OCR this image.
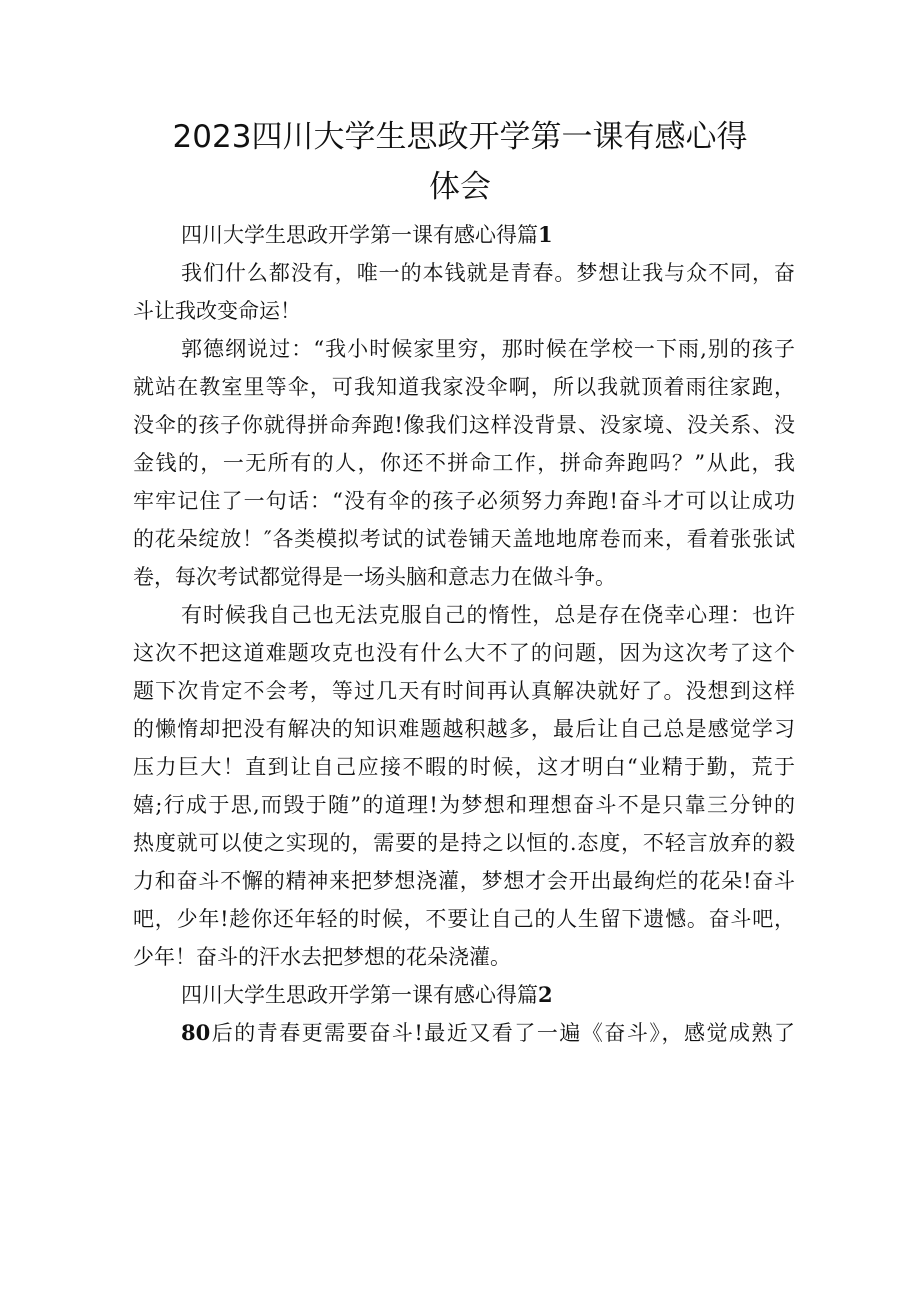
2023四川大学生思政开学第一课有感心得
体会
四川大学生思政开学第一课有感心得篇1
我们什么都没有，唯一的本钱就是青春。梦想让我与众不同，奋
斗让我改变命运！
郭德纲说过：“我小时候家里穷，那时候在学校一下雨,别的孩子
就站在教室里等伞，可我知道我家没伞啊，所以我就顶着雨往家跑，
没伞的孩子你就得拼命奔跑!像我们这样没背景、没家境、没关系、没
金钱的，一无所有的人，你还不拼命工作，拼命奔跑吗？”从此，我
牢牢记住了一句话：“没有伞的孩子必须努力奔跑!奋斗才可以让成功
的花朵绽放！″各类模拟考试的试卷铺天盖地地席卷而来，看着张张试
卷，每次考试都觉得是一场头脑和意志力在做斗争。
有时候我自己也无法克服自己的惰性，总是存在侥幸心理：也许
这次不把这道难题攻克也没有什么大不了的问题，因为这次考了这个
题下次肯定不会考，等过几天有时间再认真解决就好了。没想到这样
的懒惰却把没有解决的知识难题越积越多，最后让自己总是感觉学习
压力巨大！直到让自己应接不暇的时候，这才明白“业精于勤，荒于
嬉;行成于思,而毁于随”的道理!为梦想和理想奋斗不是只靠三分钟的
热度就可以使之实现的，需要的是持之以恒的.态度，不轻言放弃的毅
力和奋斗不懈的精神来把梦想浇灌，梦想才会开出最绚烂的花朵!奋斗
吧，少年!趁你还年轻的时候，不要让自己的人生留下遗憾。奋斗吧，
少年！奋斗的汗水去把梦想的花朵浇灌。
四川大学生思政开学第一课有感心得篇2
80后的青春更需要奋斗!最近又看了一遍《奋斗》，感觉成熟了
